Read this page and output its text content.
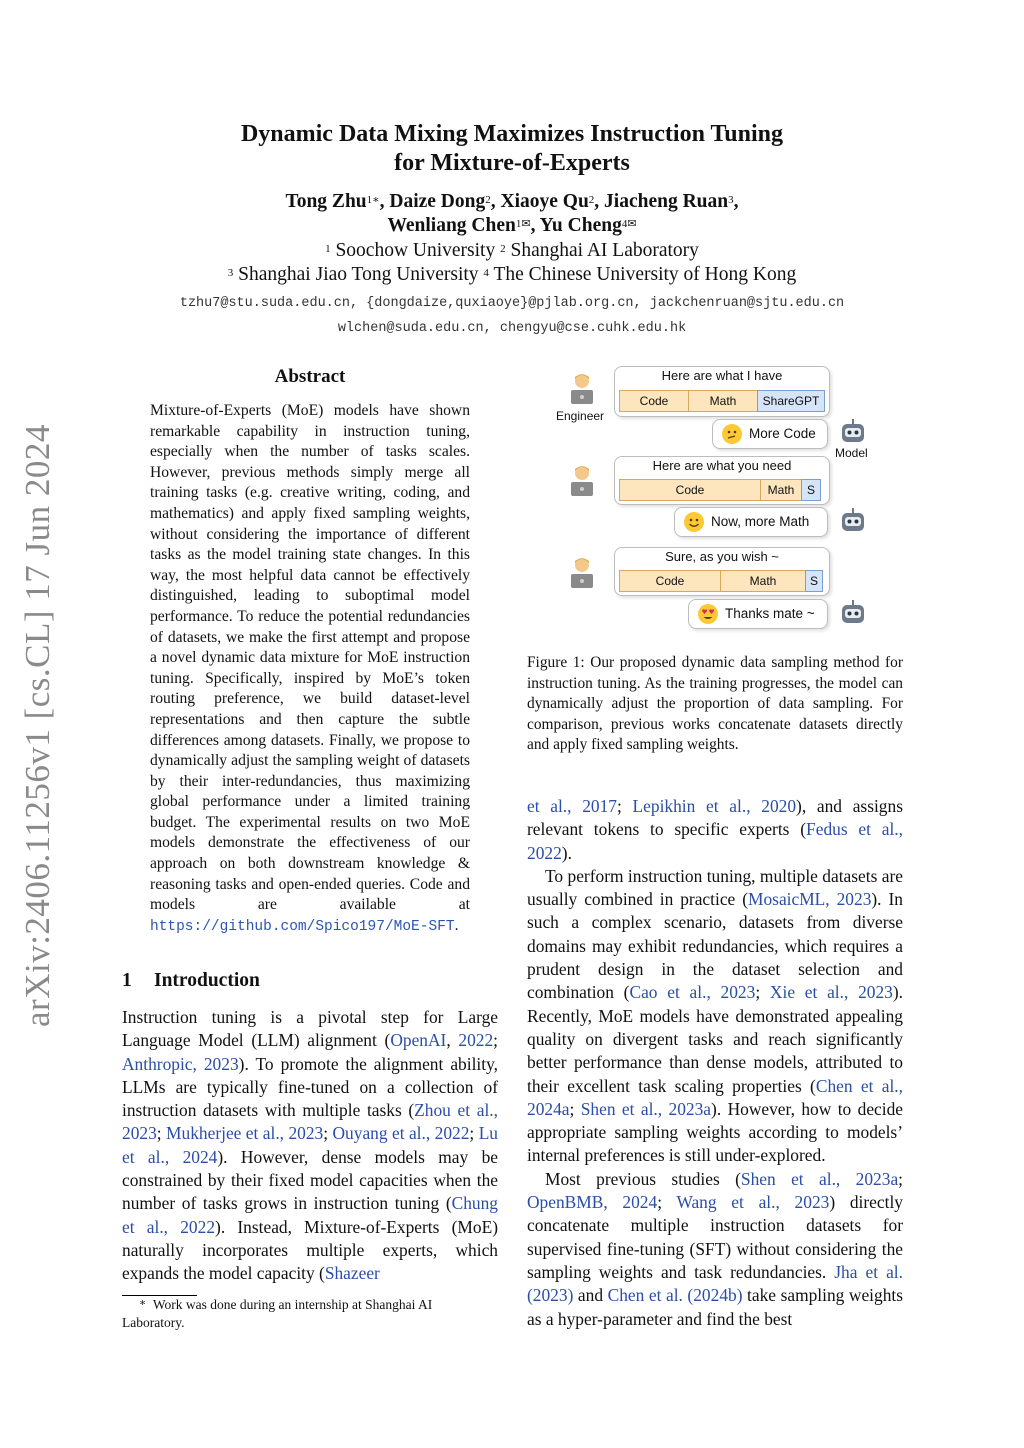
arXiv:2406.11256v1 [cs.CL] 17 Jun 2024
Dynamic Data Mixing Maximizes Instruction Tuning
for Mixture-of-Experts
Tong Zhu$^{1∗}$, Daize Dong$^2$, Xiaoye Qu$^2$, Jiacheng Ruan$^3$,
Wenliang Chen$^{1✉}$, Yu Cheng$^{4✉}$
$^1$ Soochow University $^2$ Shanghai AI Laboratory
$^3$ Shanghai Jiao Tong University $^4$ The Chinese University of Hong Kong
tzhu7@stu.suda.edu.cn, {dongdaize,quxiaoye}@pjlab.org.cn, jackchenruan@sjtu.edu.cn
wlchen@suda.edu.cn, chengyu@cse.cuhk.edu.hk
Abstract
Mixture-of-Experts (MoE) models have shown remarkable capability in instruction tuning, especially when the number of tasks scales. However, previous methods simply merge all training tasks (e.g. creative writing, coding, and mathematics) and apply fixed sampling weights, without considering the importance of different tasks as the model training state changes. In this way, the most helpful data cannot be effectively distinguished, leading to suboptimal model performance. To reduce the potential redundancies of datasets, we make the first attempt and propose a novel dynamic data mixture for MoE instruction tuning. Specifically, inspired by MoE’s token routing preference, we build dataset-level representations and then capture the subtle differences among datasets. Finally, we propose to dynamically adjust the sampling weight of datasets by their inter-redundancies, thus maximizing global performance under a limited training budget. The experimental results on two MoE models demonstrate the effectiveness of our approach on both downstream knowledge & reasoning tasks and open-ended queries. Code and models are available at https://github.com/Spico197/MoE-SFT.
1 Introduction
Instruction tuning is a pivotal step for Large Language Model (LLM) alignment (OpenAI, 2022; Anthropic, 2023). To promote the alignment ability, LLMs are typically fine-tuned on a collection of instruction datasets with multiple tasks (Zhou et al., 2023; Mukherjee et al., 2023; Ouyang et al., 2022; Lu et al., 2024). However, dense models may be constrained by their fixed model capacities when the number of tasks grows in instruction tuning (Chung et al., 2022). Instead, Mixture-of-Experts (MoE) naturally incorporates multiple experts, which expands the model capacity (Shazeer
∗ Work was done during an internship at Shanghai AI Laboratory.
Engineer
Here are what I have
Code	Math	ShareGPT
More Code
Model
Here are what you need
Code	Math	S
Now, more Math
Sure, as you wish ~
Code	Math	S
Thanks mate ~
Figure 1: Our proposed dynamic data sampling method for instruction tuning. As the training progresses, the model can dynamically adjust the proportion of data sampling. For comparison, previous works concatenate datasets directly and apply fixed sampling weights.
et al., 2017; Lepikhin et al., 2020), and assigns relevant tokens to specific experts (Fedus et al., 2022).
To perform instruction tuning, multiple datasets are usually combined in practice (MosaicML, 2023). In such a complex scenario, datasets from diverse domains may exhibit redundancies, which requires a prudent design in the dataset selection and combination (Cao et al., 2023; Xie et al., 2023). Recently, MoE models have demonstrated appealing quality on divergent tasks and reach significantly better performance than dense models, attributed to their excellent task scaling properties (Chen et al., 2024a; Shen et al., 2023a). However, how to decide appropriate sampling weights according to models’ internal preferences is still under-explored.
Most previous studies (Shen et al., 2023a; OpenBMB, 2024; Wang et al., 2023) directly concatenate multiple instruction datasets for supervised fine-tuning (SFT) without considering the sampling weights and task redundancies. Jha et al. (2023) and Chen et al. (2024b) take sampling weights as a hyper-parameter and find the best
